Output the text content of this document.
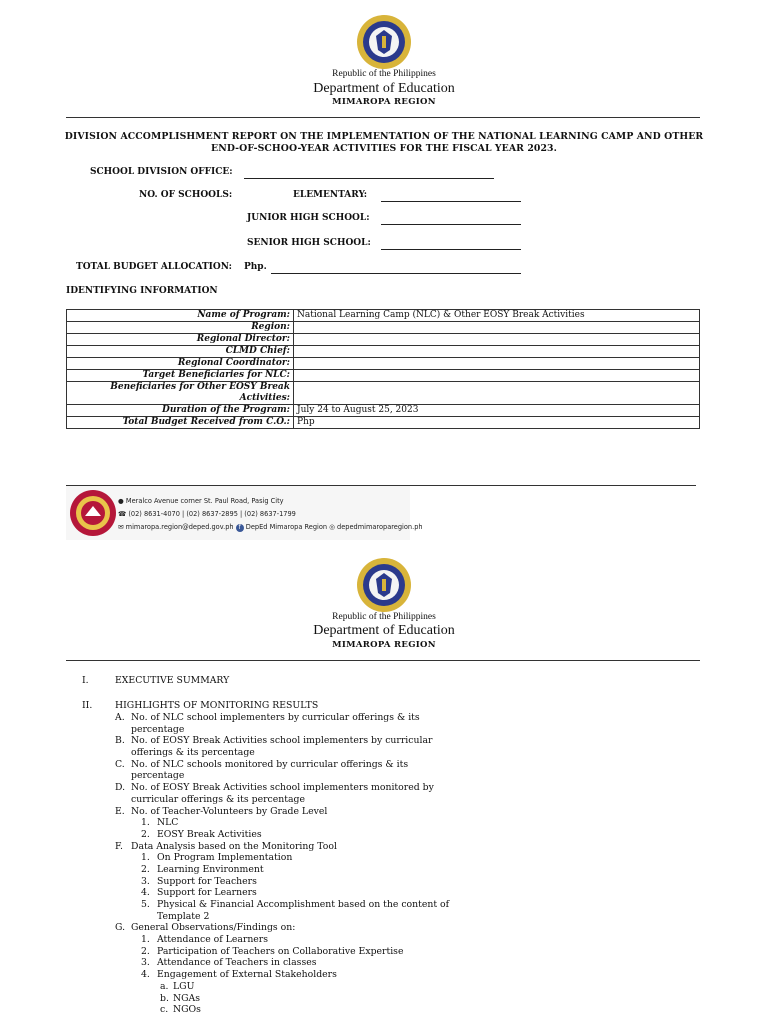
Republic of the Philippines
Department of Education
MIMAROPA REGION
DIVISION ACCOMPLISHMENT REPORT ON THE IMPLEMENTATION OF THE NATIONAL LEARNING CAMP AND OTHER
END-OF-SCHOO-YEAR ACTIVITIES FOR THE FISCAL YEAR 2023.
SCHOOL DIVISION OFFICE:
NO. OF SCHOOLS:	ELEMENTARY:
JUNIOR HIGH SCHOOL:
SENIOR HIGH SCHOOL:
TOTAL BUDGET ALLOCATION: Php.
IDENTIFYING INFORMATION
Name of Program:	National Learning Camp (NLC) & Other EOSY Break Activities
Region:	
Regional Director:	
CLMD Chief:	
Regional Coordinator:	
Target Beneficiaries for NLC:	
Beneficiaries for Other EOSY Break Activities:	
Duration of the Program:	July 24 to August 25, 2023
Total Budget Received from C.O.:	Php
● Meralco Avenue corner St. Paul Road, Pasig City
☎ (02) 8631-4070 | (02) 8637-2895 | (02) 8637-1799
✉ mimaropa.region@deped.gov.ph f DepEd Mimaropa Region ◎ depedmimaroparegion.ph
Republic of the Philippines
Department of Education
MIMAROPA REGION
I.	EXECUTIVE SUMMARY
II. HIGHLIGHTS OF MONITORING RESULTS
A. No. of NLC school implementers by curricular offerings & its
percentage
B. No. of EOSY Break Activities school implementers by curricular
offerings & its percentage
C. No. of NLC schools monitored by curricular offerings & its
percentage
D. No. of EOSY Break Activities school implementers monitored by
curricular offerings & its percentage
E. No. of Teacher-Volunteers by Grade Level
1. NLC
2. EOSY Break Activities
F. Data Analysis based on the Monitoring Tool
1. On Program Implementation
2. Learning Environment
3. Support for Teachers
4. Support for Learners
5. Physical & Financial Accomplishment based on the content of
Template 2
G. General Observations/Findings on:
1. Attendance of Learners
2. Participation of Teachers on Collaborative Expertise
3. Attendance of Teachers in classes
4. Engagement of External Stakeholders
a. LGU
b. NGAs
c. NGOs
